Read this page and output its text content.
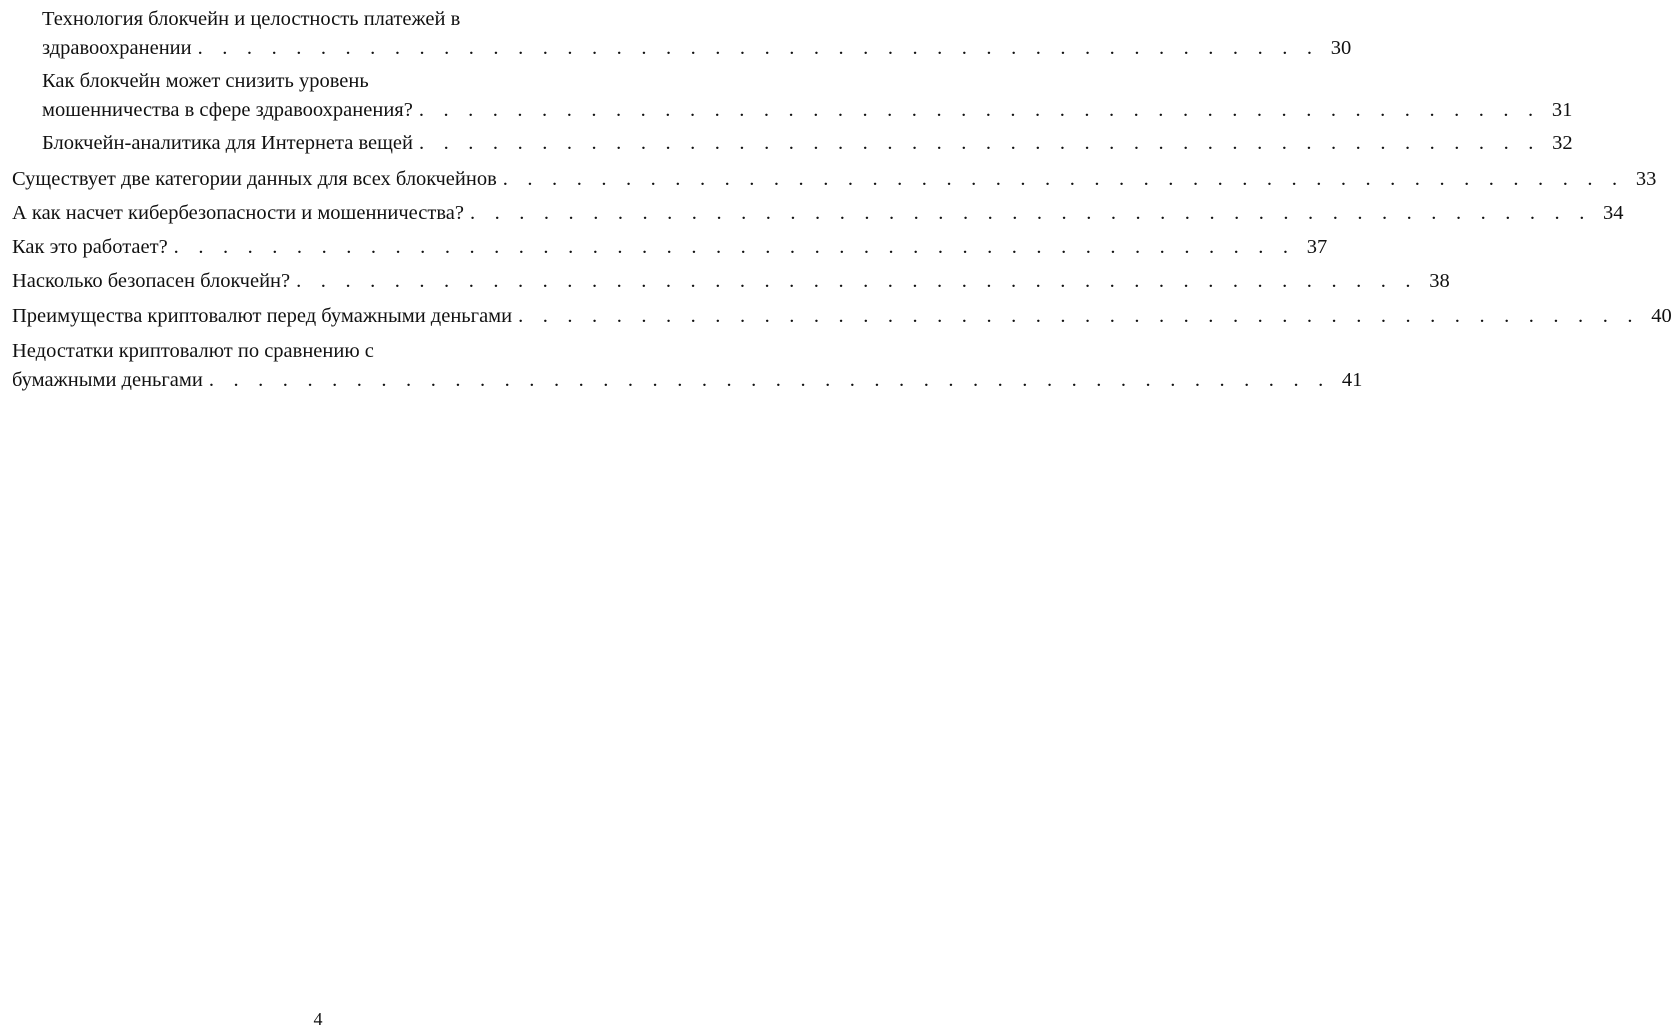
Технология блокчейн и целостность платежей в
здравоохранении . . . . . . . . . . . . . . . . . . . . . . . . . . . . . . . . . . . . . . . . . . . . . . 30
Как блокчейн может снизить уровень
мошенничества в сфере здравоохранения? . . . . . . . . . . . . . . . . . . . . . . . . . . . . . . . . . . . . . . . . . . . . . . 31
Блокчейн-аналитика для Интернета вещей . . . . . . . . . . . . . . . . . . . . . . . . . . . . . . . . . . . . . . . . . . . . . . 32
Существует две категории данных для всех блокчейнов . . . . . . . . . . . . . . . . . . . . . . . . . . . . . . . . . . . . . . . . . . . . . . 33
А как насчет кибербезопасности и мошенничества? . . . . . . . . . . . . . . . . . . . . . . . . . . . . . . . . . . . . . . . . . . . . . . 34
Как это работает? . . . . . . . . . . . . . . . . . . . . . . . . . . . . . . . . . . . . . . . . . . . . . . 37
Насколько безопасен блокчейн? . . . . . . . . . . . . . . . . . . . . . . . . . . . . . . . . . . . . . . . . . . . . . . 38
Преимущества криптовалют перед бумажными деньгами . . . . . . . . . . . . . . . . . . . . . . . . . . . . . . . . . . . . . . . . . . . . . . 40
Недостатки криптовалют по сравнению с
бумажными деньгами . . . . . . . . . . . . . . . . . . . . . . . . . . . . . . . . . . . . . . . . . . . . . . 41
4
